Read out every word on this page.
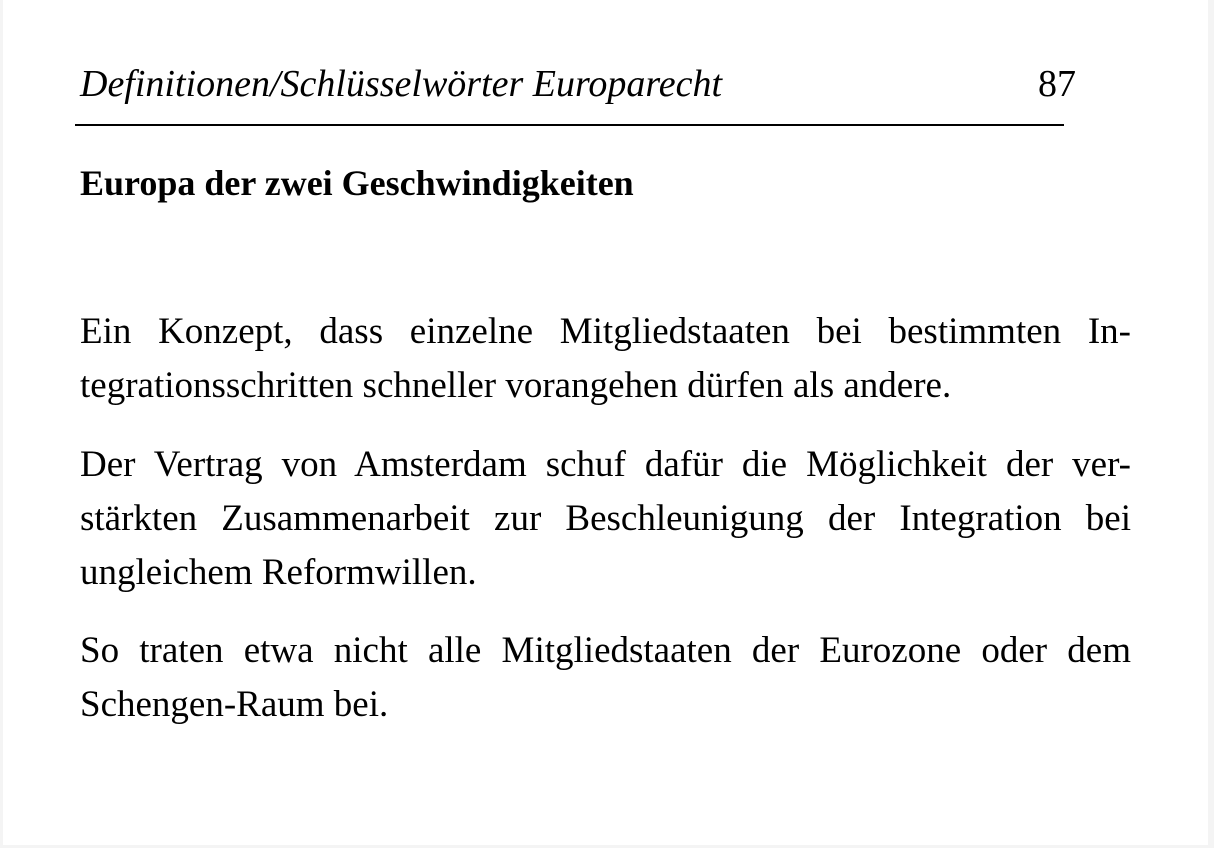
Definitionen/Schlüsselwörter Europarecht	87
Europa der zwei Geschwindigkeiten

Ein Konzept, dass einzelne Mitgliedstaaten bei bestimmten In-tegrationsschritten schneller vorangehen dürfen als andere.

Der Vertrag von Amsterdam schuf dafür die Möglichkeit der ver-stärkten Zusammenarbeit zur Beschleunigung der Integration bei ungleichem Reformwillen.

So traten etwa nicht alle Mitgliedstaaten der Eurozone oder dem Schengen-Raum bei.
